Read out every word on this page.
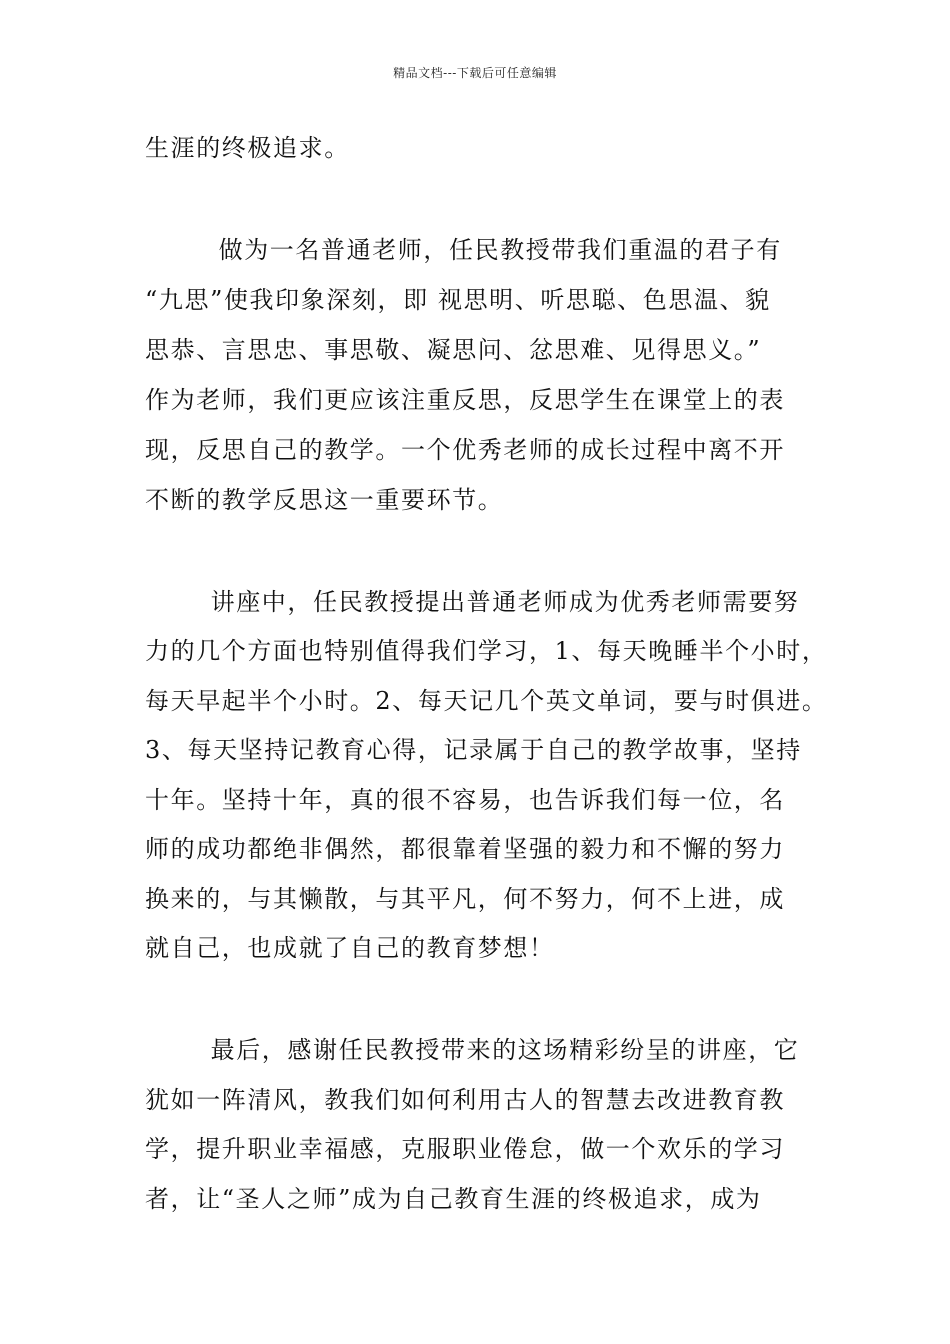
精品文档---下载后可任意编辑
生涯的终极追求。
　做为一名普通老师，任民教授带我们重温的君子有
“九思”使我印象深刻，即 视思明、听思聪、色思温、貌
思恭、言思忠、事思敬、凝思问、忿思难、见得思义。”
作为老师，我们更应该注重反思，反思学生在课堂上的表
现，反思自己的教学。一个优秀老师的成长过程中离不开
不断的教学反思这一重要环节。
　讲座中，任民教授提出普通老师成为优秀老师需要努
力的几个方面也特别值得我们学习，1、每天晚睡半个小时，
每天早起半个小时。2、每天记几个英文单词，要与时俱进。
3、每天坚持记教育心得，记录属于自己的教学故事，坚持
十年。坚持十年，真的很不容易，也告诉我们每一位，名
师的成功都绝非偶然，都很靠着坚强的毅力和不懈的努力
换来的，与其懒散，与其平凡，何不努力，何不上进，成
就自己，也成就了自己的教育梦想！
　最后，感谢任民教授带来的这场精彩纷呈的讲座，它
犹如一阵清风，教我们如何利用古人的智慧去改进教育教
学，提升职业幸福感，克服职业倦怠，做一个欢乐的学习
者，让“圣人之师”成为自己教育生涯的终极追求，成为
